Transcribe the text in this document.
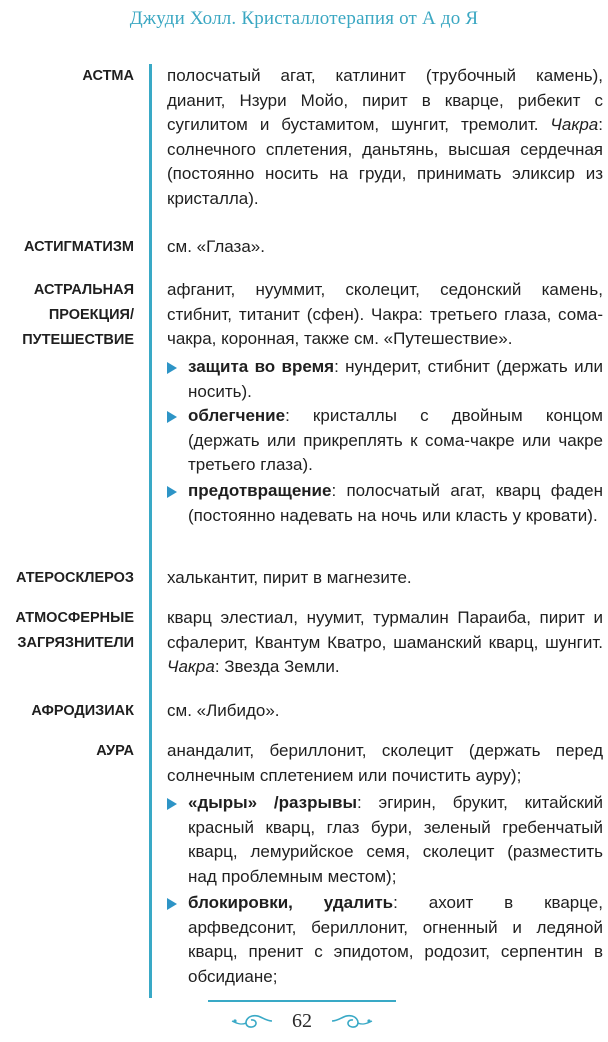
Джуди Холл. Кристаллотерапия от А до Я
АСТМА полосчатый агат, катлинит (трубочный камень), дианит, Нзури Мойо, пирит в кварце, рибекит с сугилитом и бустамитом, шунгит, тремолит. Чакра: солнечного сплетения, даньтянь, высшая сердечная (постоянно носить на груди, принимать эликсир из кристалла).
АСТИГМАТИЗМ см. «Глаза».
АСТРАЛЬНАЯ
ПРОЕКЦИЯ/
ПУТЕШЕСТВИЕ
афганит, нууммит, сколецит, седонский камень, стибнит, титанит (сфен). Чакра: третьего глаза, сома-чакра, коронная, также см. «Путешествие».
защита во время: нундерит, стибнит (держать или носить).
облегчение: кристаллы с двойным концом (держать или прикреплять к сома-чакре или чакре третьего глаза).
предотвращение: полосчатый агат, кварц фаден (постоянно надевать на ночь или класть у кровати).
АТЕРОСКЛЕРОЗ халькантит, пирит в магнезите.
АТМОСФЕРНЫЕ
ЗАГРЯЗНИТЕЛИ
кварц элестиал, нуумит, турмалин Параиба, пирит и сфалерит, Квантум Кватро, шаманский кварц, шунгит. Чакра: Звезда Земли.
АФРОДИЗИАК см. «Либидо».
АУРА анандалит, бериллонит, сколецит (держать перед солнечным сплетением или почистить ауру);
«дыры» /разрывы: эгирин, брукит, китайский красный кварц, глаз бури, зеленый гребенчатый кварц, лемурийское семя, сколецит (разместить над проблемным местом);
блокировки, удалить: ахоит в кварце, арфведсонит, бериллонит, огненный и ледяной кварц, пренит с эпидотом, родозит, серпентин в обсидиане;
62
